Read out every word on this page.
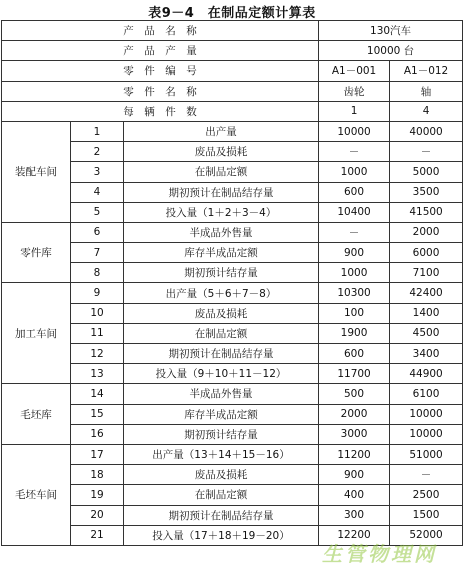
表9－4　在制品定额计算表
产　品　名　称			130汽车	
产　品　产　量			10000 台	
零　件　编　号			A1－001	A1－012
零　件　名　称			齿轮	轴
每　辆　件　数			1	4
装配车间	1	出产量	10000	40000
	2	废品及损耗	－	－
	3	在制品定额	1000	5000
	4	期初预计在制品结存量	600	3500
	5	投入量（1＋2＋3－4）	10400	41500
零件库	6	半成品外售量	－	2000
	7	库存半成品定额	900	6000
	8	期初预计结存量	1000	7100
加工车间	9	出产量（5＋6＋7－8）	10300	42400
	10	废品及损耗	100	1400
	11	在制品定额	1900	4500
	12	期初预计在制品结存量	600	3400
	13	投入量（9＋10＋11－12）	11700	44900
毛坯库	14	半成品外售量	500	6100
	15	库存半成品定额	2000	10000
	16	期初预计结存量	3000	10000
毛坯车间	17	出产量（13＋14＋15－16）	11200	51000
	18	废品及损耗	900	－
	19	在制品定额	400	2500
	20	期初预计在制品结存量	300	1500
	21	投入量（17＋18＋19－20）	12200	52000
生管物理网
